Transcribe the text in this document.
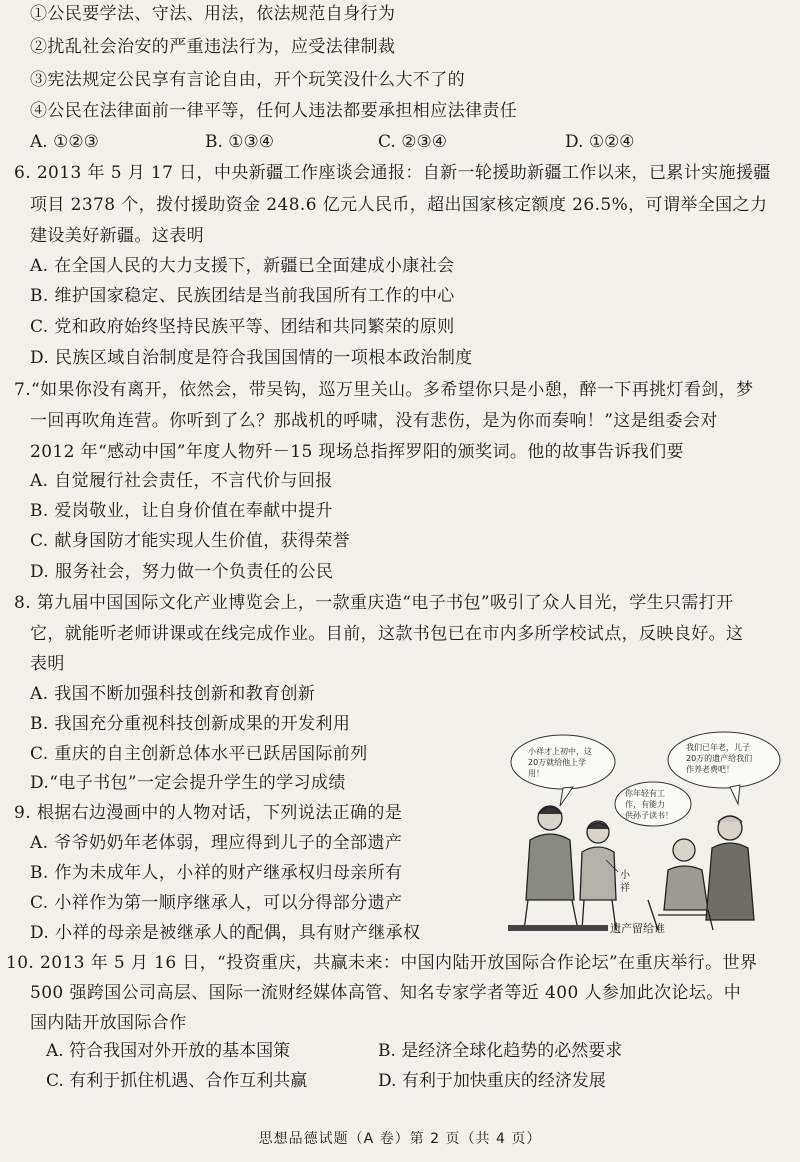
①公民要学法、守法、用法，依法规范自身行为
②扰乱社会治安的严重违法行为，应受法律制裁
③宪法规定公民享有言论自由，开个玩笑没什么大不了的
④公民在法律面前一律平等，任何人违法都要承担相应法律责任
A. ①②③	B. ①③④	C. ②③④	D. ①②④
6. 2013 年 5 月 17 日，中央新疆工作座谈会通报：自新一轮援助新疆工作以来，已累计实施援疆
项目 2378 个，拨付援助资金 248.6 亿元人民币，超出国家核定额度 26.5%，可谓举全国之力
建设美好新疆。这表明
A. 在全国人民的大力支援下，新疆已全面建成小康社会
B. 维护国家稳定、民族团结是当前我国所有工作的中心
C. 党和政府始终坚持民族平等、团结和共同繁荣的原则
D. 民族区域自治制度是符合我国国情的一项根本政治制度
7.“如果你没有离开，依然会，带吴钩，巡万里关山。多希望你只是小憩，醉一下再挑灯看剑，梦
一回再吹角连营。你听到了么？那战机的呼啸，没有悲伤，是为你而奏响！”这是组委会对
2012 年“感动中国”年度人物歼－15 现场总指挥罗阳的颁奖词。他的故事告诉我们要
A. 自觉履行社会责任，不言代价与回报
B. 爱岗敬业，让自身价值在奉献中提升
C. 献身国防才能实现人生价值，获得荣誉
D. 服务社会，努力做一个负责任的公民
8. 第九届中国国际文化产业博览会上，一款重庆造“电子书包”吸引了众人目光，学生只需打开
它，就能听老师讲课或在线完成作业。目前，这款书包已在市内多所学校试点，反映良好。这
表明
A. 我国不断加强科技创新和教育创新
B. 我国充分重视科技创新成果的开发利用
C. 重庆的自主创新总体水平已跃居国际前列
D.“电子书包”一定会提升学生的学习成绩
9. 根据右边漫画中的人物对话，下列说法正确的是
A. 爷爷奶奶年老体弱，理应得到儿子的全部遗产
B. 作为未成年人，小祥的财产继承权归母亲所有
C. 小祥作为第一顺序继承人，可以分得部分遗产
D. 小祥的母亲是被继承人的配偶，具有财产继承权
小祥才上初中，这
20万就给他上学
用！
我们已年老，儿子
20万的遗产给我们
作养老费吧！
你年轻有工
作，有能力
供孙子读书！
小
祥
遗产留给谁
10. 2013 年 5 月 16 日，“投资重庆，共赢未来：中国内陆开放国际合作论坛”在重庆举行。世界
500 强跨国公司高层、国际一流财经媒体高管、知名专家学者等近 400 人参加此次论坛。中
国内陆开放国际合作
A. 符合我国对外开放的基本国策	B. 是经济全球化趋势的必然要求
C. 有利于抓住机遇、合作互利共赢	D. 有利于加快重庆的经济发展
思想品德试题（A 卷）第 2 页（共 4 页）
